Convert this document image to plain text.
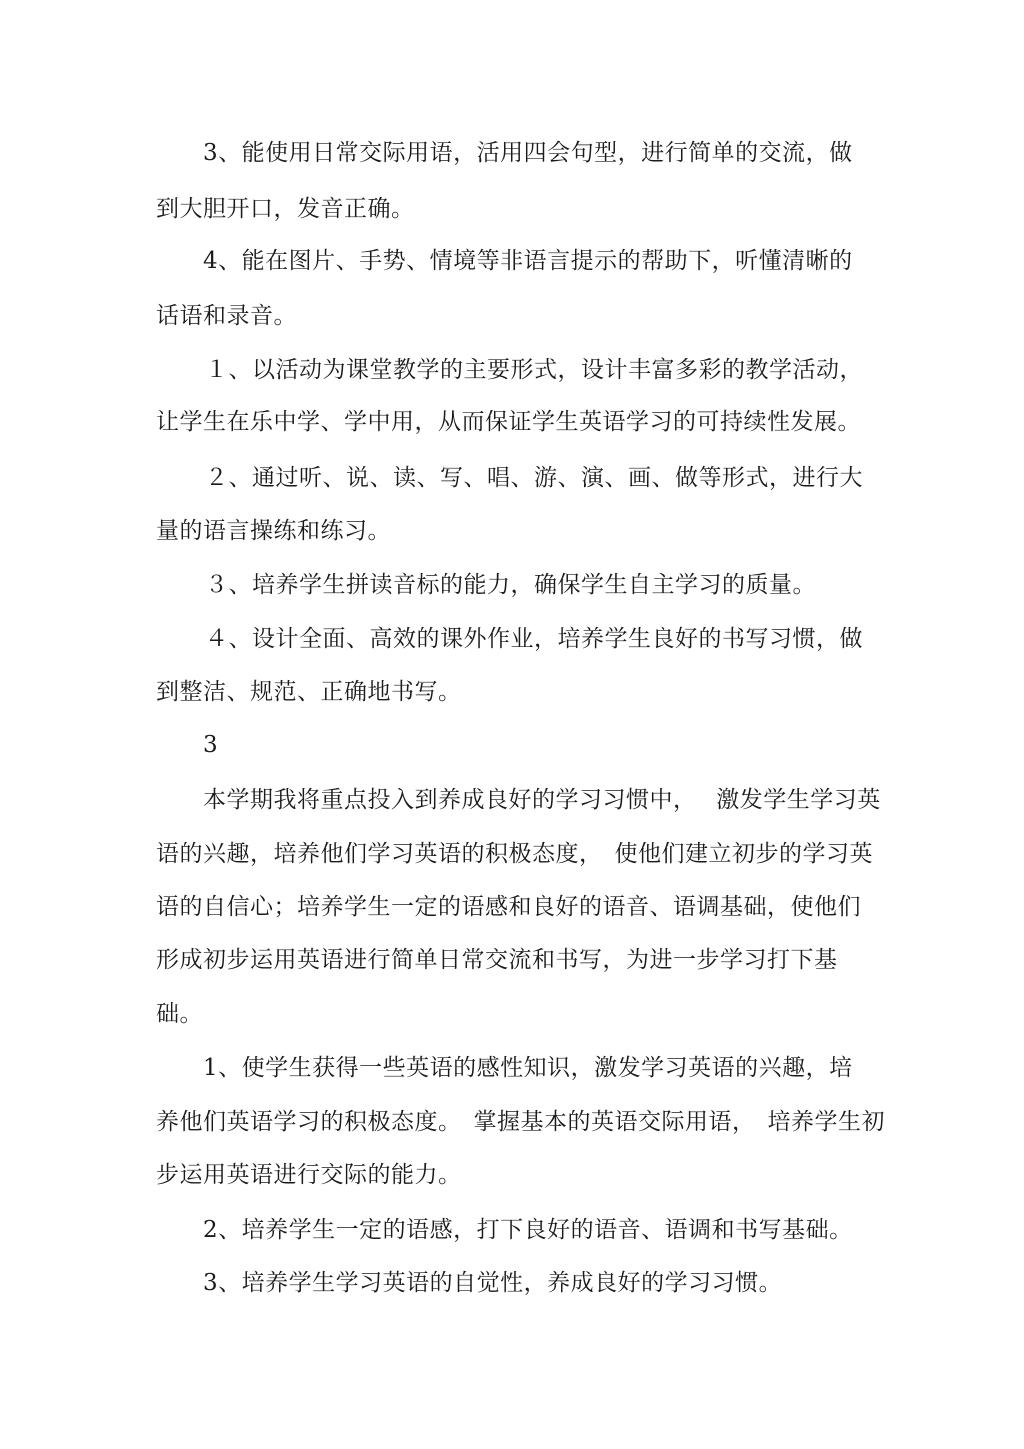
3、能使用日常交际用语，活用四会句型，进行简单的交流，做
到大胆开口，发音正确。
4、能在图片、手势、情境等非语言提示的帮助下，听懂清晰的
话语和录音。
１、以活动为课堂教学的主要形式，设计丰富多彩的教学活动，
让学生在乐中学、学中用，从而保证学生英语学习的可持续性发展。
２、通过听、说、读、写、唱、游、演、画、做等形式，进行大
量的语言操练和练习。
３、培养学生拼读音标的能力，确保学生自主学习的质量。
４、设计全面、高效的课外作业，培养学生良好的书写习惯，做
到整洁、规范、正确地书写。
3
本学期我将重点投入到养成良好的学习习惯中，　 激发学生学习英
语的兴趣，培养他们学习英语的积极态度，　使他们建立初步的学习英
语的自信心；培养学生一定的语感和良好的语音、语调基础，使他们
形成初步运用英语进行简单日常交流和书写，为进一步学习打下基
础。
1、使学生获得一些英语的感性知识，激发学习英语的兴趣，培
养他们英语学习的积极态度。　掌握基本的英语交际用语，　培养学生初
步运用英语进行交际的能力。
2、培养学生一定的语感，打下良好的语音、语调和书写基础。
3、培养学生学习英语的自觉性，养成良好的学习习惯。
